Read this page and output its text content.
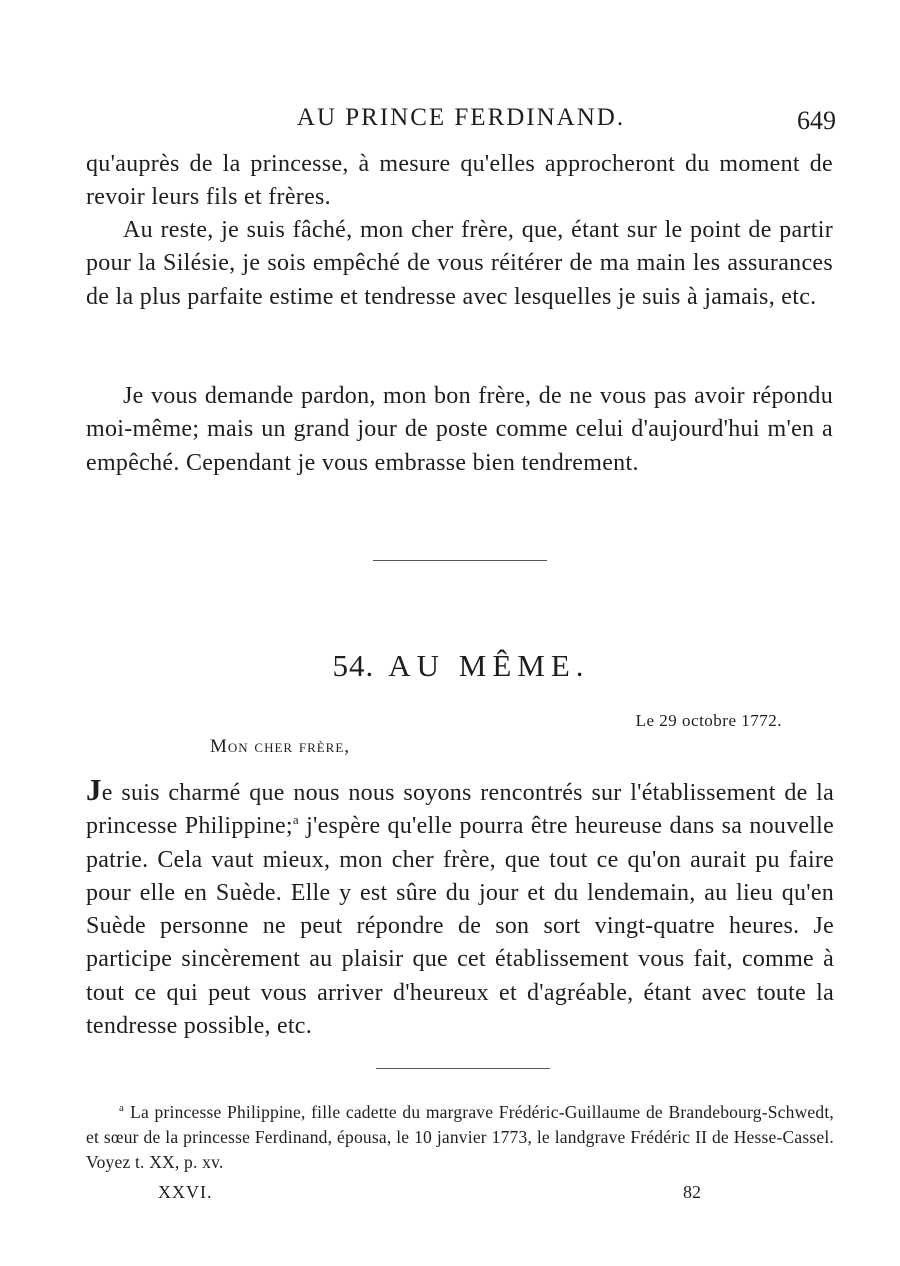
AU PRINCE FERDINAND.	649

qu'auprès de la princesse, à mesure qu'elles approcheront du moment de revoir leurs fils et frères.

Au reste, je suis fâché, mon cher frère, que, étant sur le point de partir pour la Silésie, je sois empêché de vous réitérer de ma main les assurances de la plus parfaite estime et tendresse avec lesquelles je suis à jamais, etc.

Je vous demande pardon, mon bon frère, de ne vous pas avoir répondu moi-même; mais un grand jour de poste comme celui d'aujourd'hui m'en a empêché. Cependant je vous embrasse bien tendrement.

54. AU MÊME.
Le 29 octobre 1772.
Mon cher frère,

Je suis charmé que nous nous soyons rencontrés sur l'établissement de la princesse Philippine;$^a$ j'espère qu'elle pourra être heureuse dans sa nouvelle patrie. Cela vaut mieux, mon cher frère, que tout ce qu'on aurait pu faire pour elle en Suède. Elle y est sûre du jour et du lendemain, au lieu qu'en Suède personne ne peut répondre de son sort vingt-quatre heures. Je participe sincèrement au plaisir que cet établissement vous fait, comme à tout ce qui peut vous arriver d'heureux et d'agréable, étant avec toute la tendresse possible, etc.

$^a$ La princesse Philippine, fille cadette du margrave Frédéric-Guillaume de Brandebourg-Schwedt, et sœur de la princesse Ferdinand, épousa, le 10 janvier 1773, le landgrave Frédéric II de Hesse-Cassel. Voyez t. XX, p. xv.

XXVI.	82
